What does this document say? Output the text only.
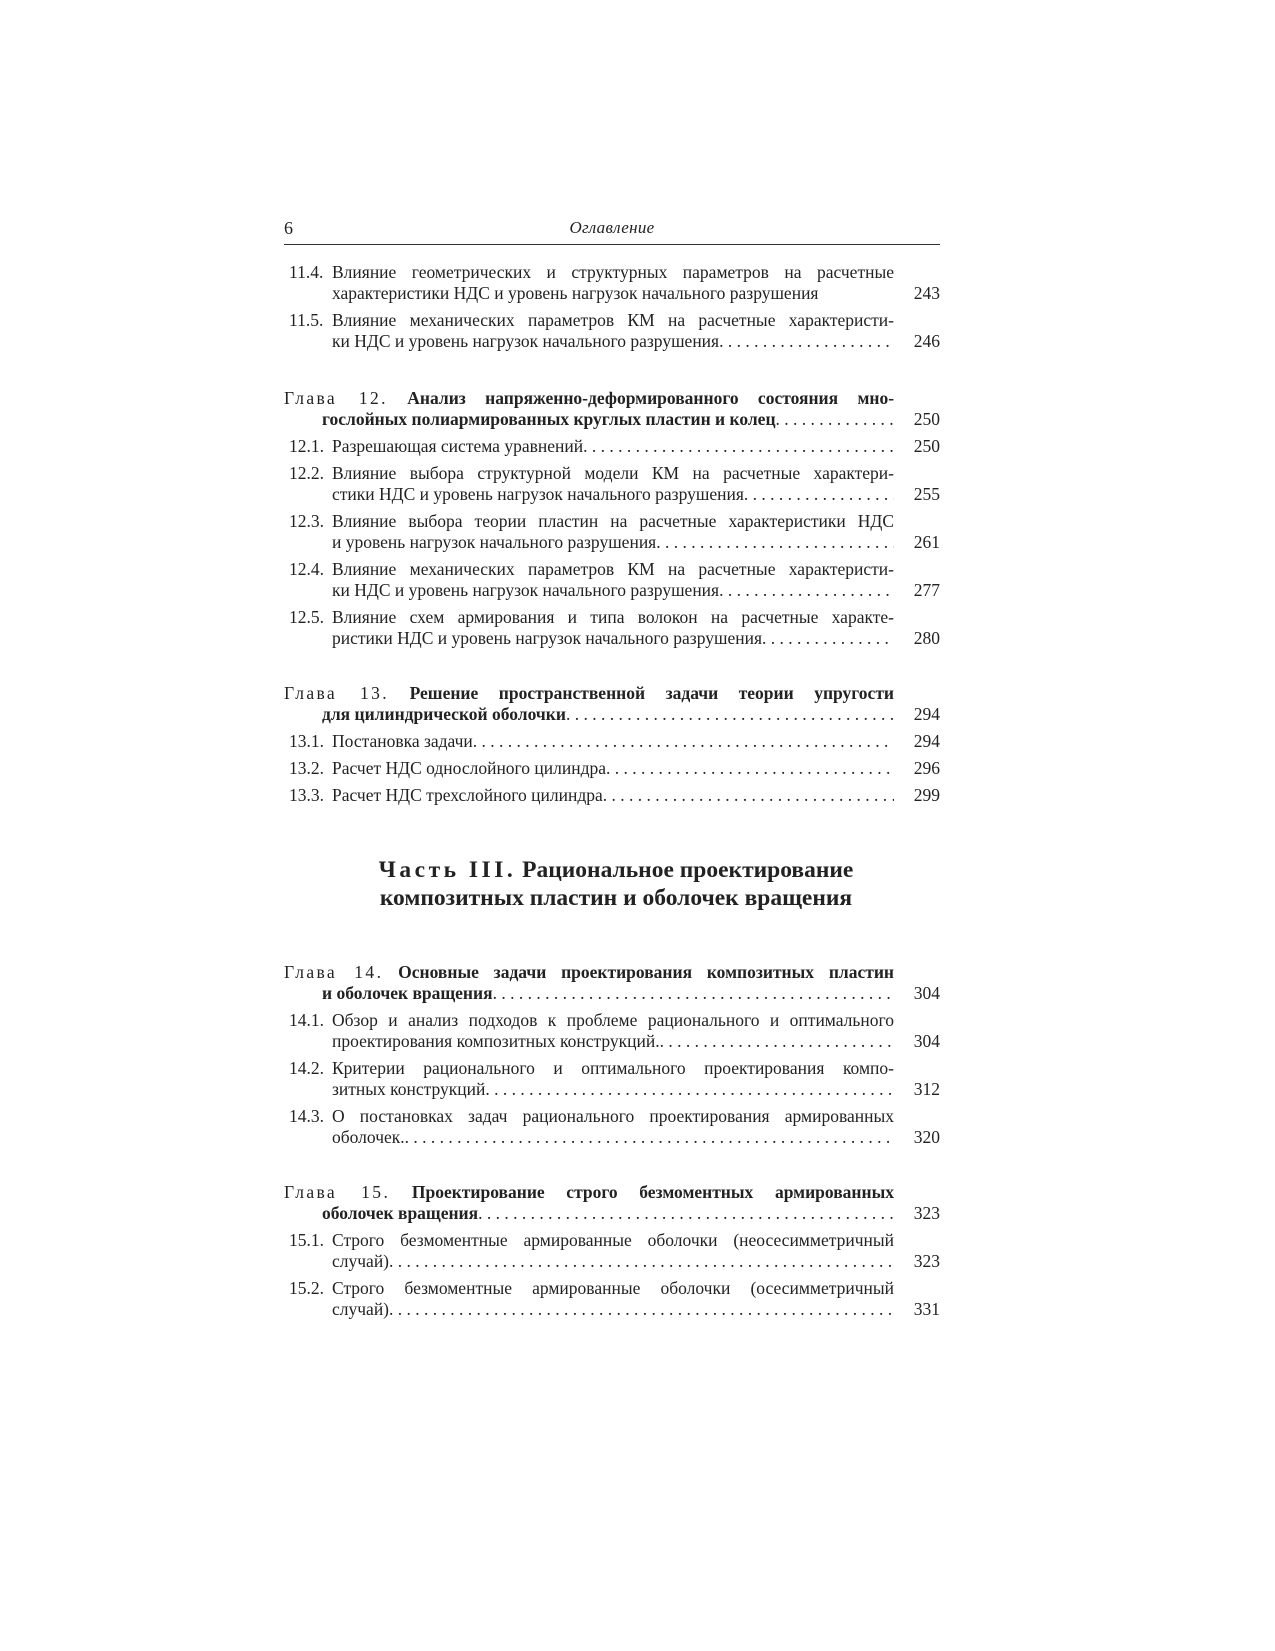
6	Оглавление
11.4. Влияние геометрических и структурных параметров на расчетные
характеристики НДС и уровень нагрузок начального разрушения	243
11.5. Влияние механических параметров КМ на расчетные характеристи-
ки НДС и уровень нагрузок начального разрушения . . .	246
Глава 12. Анализ напряженно-деформированного состояния мно-
гослойных полиармированных круглых пластин и колец . . .	250
12.1. Разрешающая система уравнений . . .	250
12.2. Влияние выбора структурной модели КМ на расчетные характери-
стики НДС и уровень нагрузок начального разрушения . . .	255
12.3. Влияние выбора теории пластин на расчетные характеристики НДС
и уровень нагрузок начального разрушения . . .	261
12.4. Влияние механических параметров КМ на расчетные характеристи-
ки НДС и уровень нагрузок начального разрушения . . .	277
12.5. Влияние схем армирования и типа волокон на расчетные характе-
ристики НДС и уровень нагрузок начального разрушения . . .	280
Глава 13. Решение пространственной задачи теории упругости
для цилиндрической оболочки . . .	294
13.1. Постановка задачи . . .	294
13.2. Расчет НДС однослойного цилиндра . . .	296
13.3. Расчет НДС трехслойного цилиндра . . .	299
Часть III. Рациональное проектирование
композитных пластин и оболочек вращения
Глава 14. Основные задачи проектирования композитных пластин
и оболочек вращения . . .	304
14.1. Обзор и анализ подходов к проблеме рационального и оптимального
проектирования композитных конструкций. . . .	304
14.2. Критерии рационального и оптимального проектирования компо-
зитных конструкций . . .	312
14.3. О постановках задач рационального проектирования армированных
оболочек. . . .	320
Глава 15. Проектирование строго безмоментных армированных
оболочек вращения . . .	323
15.1. Строго безмоментные армированные оболочки (неосесимметричный
случай) . . .	323
15.2. Строго безмоментные армированные оболочки (осесимметричный
случай) . . .	331
